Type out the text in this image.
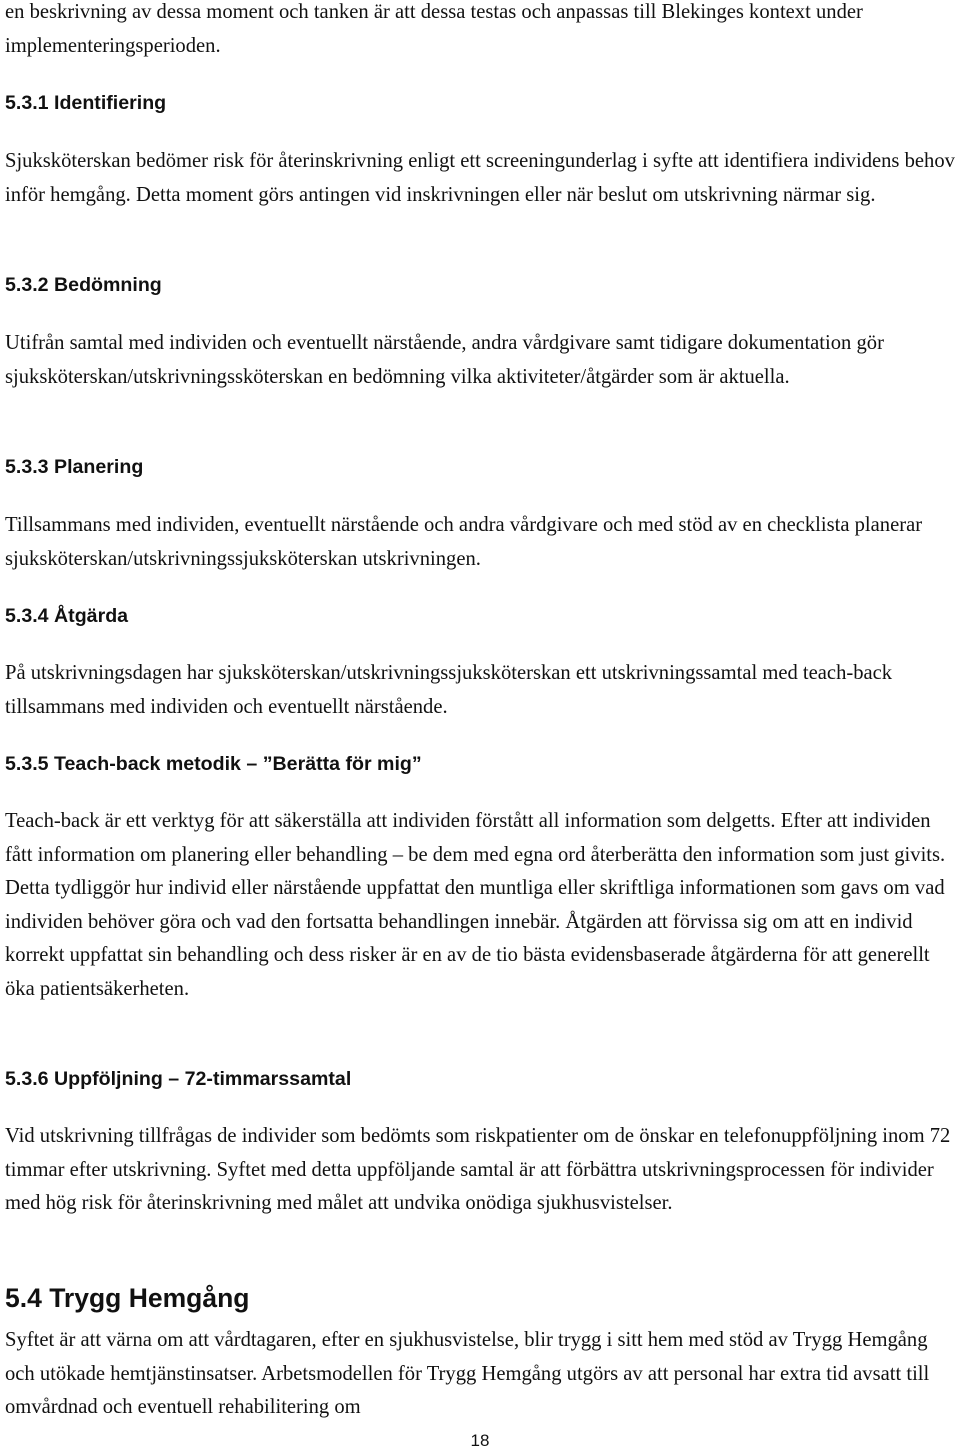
en beskrivning av dessa moment och tanken är att dessa testas och anpassas till Blekinges kontext under implementeringsperioden.

5.3.1 Identifiering

Sjuksköterskan bedömer risk för återinskrivning enligt ett screeningunderlag i syfte att identifiera individens behov inför hemgång. Detta moment görs antingen vid inskrivningen eller när beslut om utskrivning närmar sig.

5.3.2 Bedömning

Utifrån samtal med individen och eventuellt närstående, andra vårdgivare samt tidigare dokumentation gör sjuksköterskan/utskrivningssköterskan en bedömning vilka aktiviteter/åtgärder som är aktuella.

5.3.3 Planering

Tillsammans med individen, eventuellt närstående och andra vårdgivare och med stöd av en checklista planerar sjuksköterskan/utskrivningssjuksköterskan utskrivningen.

5.3.4 Åtgärda

På utskrivningsdagen har sjuksköterskan/utskrivningssjuksköterskan ett utskrivningssamtal med teach-back tillsammans med individen och eventuellt närstående.

5.3.5 Teach-back metodik – ”Berätta för mig”

Teach-back är ett verktyg för att säkerställa att individen förstått all information som delgetts. Efter att individen fått information om planering eller behandling – be dem med egna ord återberätta den information som just givits. Detta tydliggör hur individ eller närstående uppfattat den muntliga eller skriftliga informationen som gavs om vad individen behöver göra och vad den fortsatta behandlingen innebär. Åtgärden att förvissa sig om att en individ korrekt uppfattat sin behandling och dess risker är en av de tio bästa evidensbaserade åtgärderna för att generellt öka patientsäkerheten.

5.3.6 Uppföljning – 72-timmarssamtal

Vid utskrivning tillfrågas de individer som bedömts som riskpatienter om de önskar en telefonuppföljning inom 72 timmar efter utskrivning. Syftet med detta uppföljande samtal är att förbättra utskrivningsprocessen för individer med hög risk för återinskrivning med målet att undvika onödiga sjukhusvistelser.

5.4 Trygg Hemgång

Syftet är att värna om att vårdtagaren, efter en sjukhusvistelse, blir trygg i sitt hem med stöd av Trygg Hemgång och utökade hemtjänstinsatser. Arbetsmodellen för Trygg Hemgång utgörs av att personal har extra tid avsatt till omvårdnad och eventuell rehabilitering om

18
